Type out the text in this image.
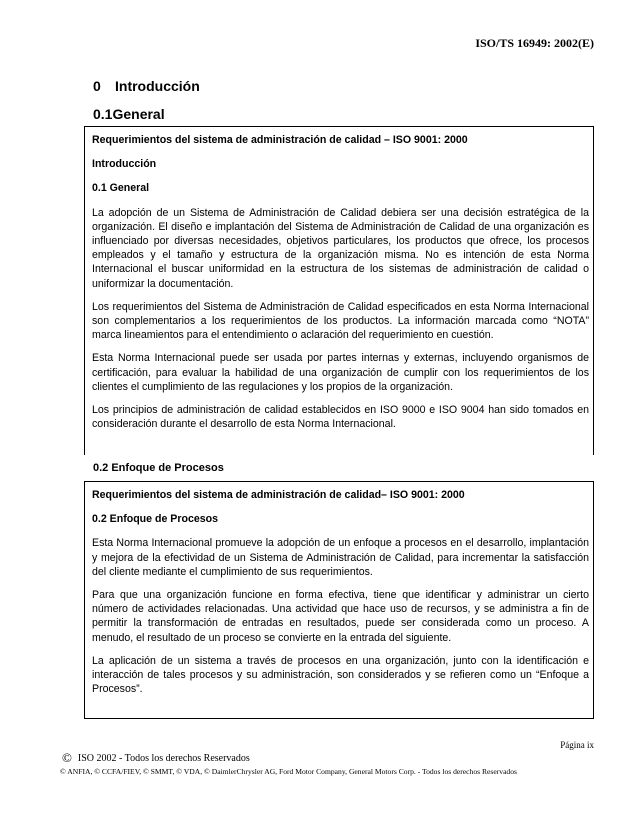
ISO/TS 16949: 2002(E)
0 Introducción
0.1General
Requerimientos del sistema de administración de calidad – ISO 9001: 2000
Introducción
0.1 General

La adopción de un Sistema de Administración de Calidad debiera ser una decisión estratégica de la organización. El diseño e implantación del Sistema de Administración de Calidad de una organización es influenciado por diversas necesidades, objetivos particulares, los productos que ofrece, los procesos empleados y el tamaño y estructura de la organización misma. No es intención de esta Norma Internacional el buscar uniformidad en la estructura de los sistemas de administración de calidad o uniformizar la documentación.

Los requerimientos del Sistema de Administración de Calidad especificados en esta Norma Internacional son complementarios a los requerimientos de los productos. La información marcada como “NOTA” marca lineamientos para el entendimiento o aclaración del requerimiento en cuestión.

Esta Norma Internacional puede ser usada por partes internas y externas, incluyendo organismos de certificación, para evaluar la habilidad de una organización de cumplir con los requerimientos de los clientes el cumplimiento de las regulaciones y los propios de la organización.

Los principios de administración de calidad establecidos en ISO 9000 e ISO 9004 han sido tomados en consideración durante el desarrollo de esta Norma Internacional.

0.2 Enfoque de Procesos
Requerimientos del sistema de administración de calidad– ISO 9001: 2000
0.2 Enfoque de Procesos

Esta Norma Internacional promueve la adopción de un enfoque a procesos en el desarrollo, implantación y mejora de la efectividad de un Sistema de Administración de Calidad, para incrementar la satisfacción del cliente mediante el cumplimiento de sus requerimientos.

Para que una organización funcione en forma efectiva, tiene que identificar y administrar un cierto número de actividades relacionadas. Una actividad que hace uso de recursos, y se administra a fin de permitir la transformación de entradas en resultados, puede ser considerada como un proceso. A menudo, el resultado de un proceso se convierte en la entrada del siguiente.

La aplicación de un sistema a través de procesos en una organización, junto con la identificación e interacción de tales procesos y su administración, son considerados y se refieren como un “Enfoque a Procesos”.

Página ix
© ISO 2002 - Todos los derechos Reservados
© ANFIA, © CCFA/FIEV, © SMMT, © VDA, © DaimlerChrysler AG, Ford Motor Company, General Motors Corp. - Todos los derechos Reservados
